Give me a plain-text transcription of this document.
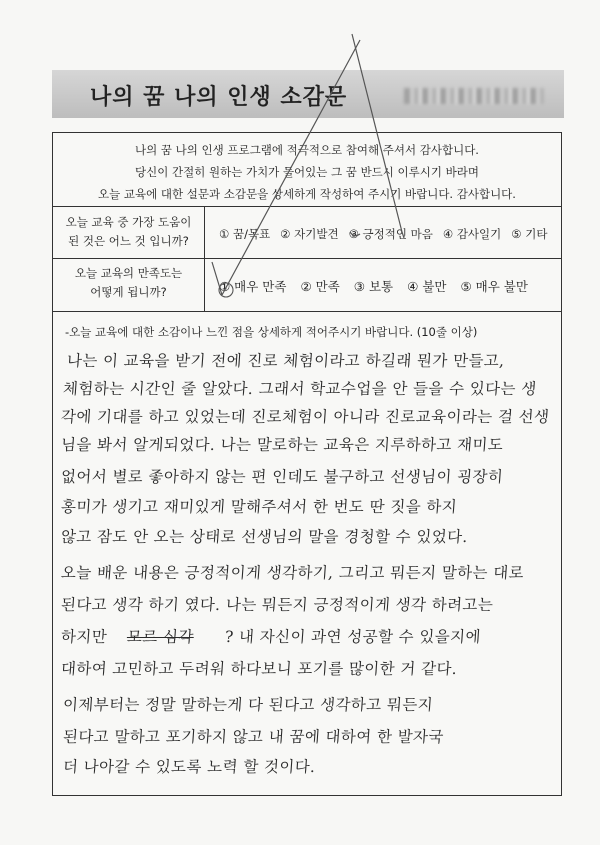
나의 꿈 나의 인생 소감문
나의 꿈 나의 인생 프로그램에 적극적으로 참여해 주셔서 감사합니다.
당신이 간절히 원하는 가치가 들어있는 그 꿈 반드시 이루시기 바라며
오늘 교육에 대한 설문과 소감문을 상세하게 작성하여 주시기 바랍니다. 감사합니다.
오늘 교육 중 가장 도움이
된 것은 어느 것 입니까?	① 꿈/목표 ② 자기발견 ③ 긍정적인 마음 ④ 감사일기 ⑤ 기타
오늘 교육의 만족도는
어떻게 됩니까?	① 매우 만족 ② 만족 ③ 보통 ④ 불만 ⑤ 매우 불만
-오늘 교육에 대한 소감이나 느낀 점을 상세하게 적어주시기 바랍니다. (10줄 이상)
나는 이 교육을 받기 전에 진로 체험이라고 하길래 뭔가 만들고,
체험하는 시간인 줄 알았다. 그래서 학교수업을 안 들을 수 있다는 생
각에 기대를 하고 있었는데 진로체험이 아니라 진로교육이라는 걸 선생
님을 봐서 알게되었다. 나는 말로하는 교육은 지루하하고 재미도
없어서 별로 좋아하지 않는 편 인데도 불구하고 선생님이 굉장히
홍미가 생기고 재미있게 말해주셔서 한 번도 딴 짓을 하지
않고 잠도 안 오는 상태로 선생님의 말을 경청할 수 있었다.
오늘 배운 내용은 긍정적이게 생각하기, 그리고 뭐든지 말하는 대로
된다고 생각 하기 였다. 나는 뭐든지 긍정적이게 생각 하려고는
하지만 모르 심각 ? 내 자신이 과연 성공할 수 있을지에
대하여 고민하고 두려워 하다보니 포기를 많이한 거 같다.
이제부터는 정말 말하는게 다 된다고 생각하고 뭐든지
된다고 말하고 포기하지 않고 내 꿈에 대하여 한 발자국
더 나아갈 수 있도록 노력 할 것이다.
